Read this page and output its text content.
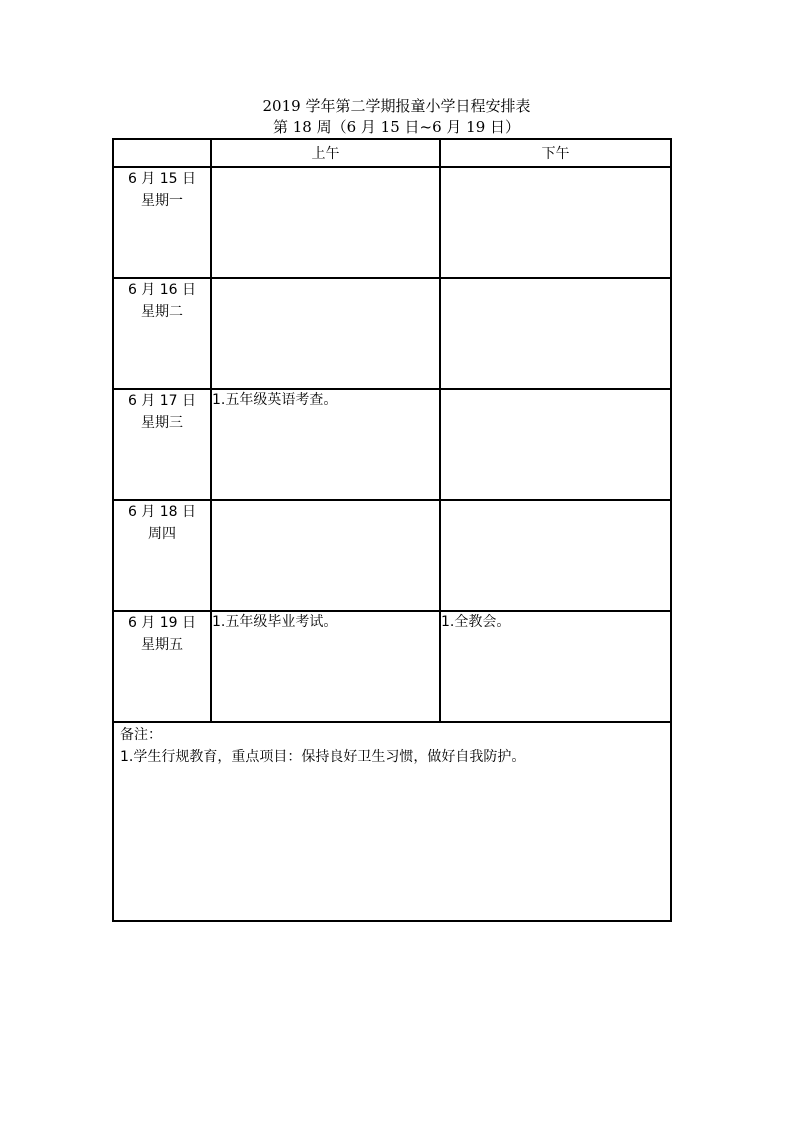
2019 学年第二学期报童小学日程安排表
第 18 周（6 月 15 日~6 月 19 日）
	上午	下午

6 月 15 日
星期一		

6 月 16 日
星期二		

6 月 17 日
星期三	1.五年级英语考查。	

6 月 18 日
周四		

6 月 19 日
星期五	1.五年级毕业考试。	1.全教会。

备注：
1.学生行规教育，重点项目：保持良好卫生习惯，做好自我防护。		
